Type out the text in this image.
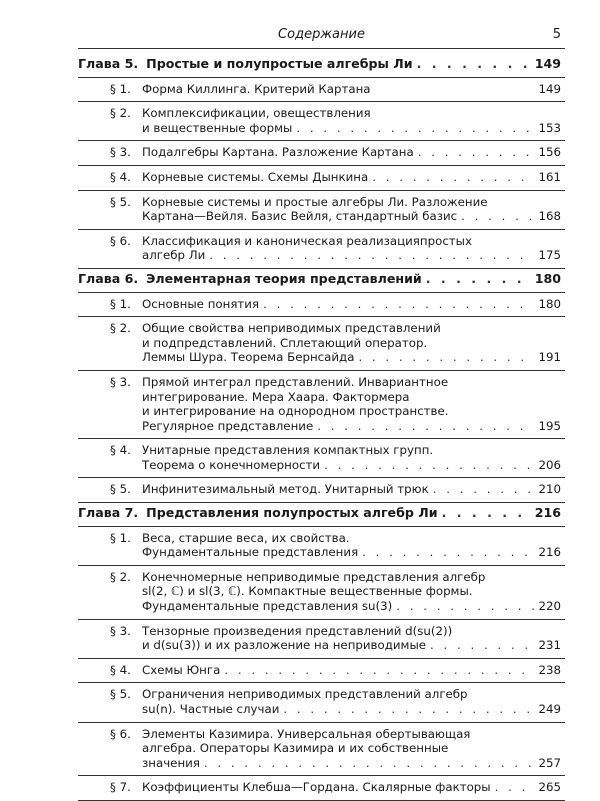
Содержание	5
Глава 5. Простые и полупростые алгебры Ли . . .	149
§ 1. Форма Киллинга. Критерий Картана	149
§ 2. Комплексификации, овеществления
и вещественные формы . . .	153
§ 3. Подалгебры Картана. Разложение Картана . . .	156
§ 4. Корневые системы. Схемы Дынкина . . .	161
§ 5. Корневые системы и простые алгебры Ли. Разложение
Картана—Вейля. Базис Вейля, стандартный базис . . .	168
§ 6. Классификация и каноническая реализацияпростых
алгебр Ли . . .	175
Глава 6. Элементарная теория представлений . . .	180
§ 1. Основные понятия . . .	180
§ 2. Общие свойства неприводимых представлений
и подпредставлений. Сплетающий оператор.
Леммы Шура. Теорема Бернсайда . . .	191
§ 3. Прямой интеграл представлений. Инвариантное
интегрирование. Мера Хаара. Фактормера
и интегрирование на однородном пространстве.
Регулярное представление . . .	195
§ 4. Унитарные представления компактных групп.
Теорема о конечномерности . . .	206
§ 5. Инфинитезимальный метод. Унитарный трюк . . .	210
Глава 7. Представления полупростых алгебр Ли . . .	216
§ 1. Веса, старшие веса, их свойства.
Фундаментальные представления . . .	216
§ 2. Конечномерные неприводимые представления алгебр
sl(2, ℂ) и sl(3, ℂ). Компактные вещественные формы.
Фундаментальные представления su(3) . . .	220
§ 3. Тензорные произведения представлений d(su(2))
и d(su(3)) и их разложение на неприводимые . . .	231
§ 4. Схемы Юнга . . .	238
§ 5. Ограничения неприводимых представлений алгебр
su(n). Частные случаи . . .	249
§ 6. Элементы Казимира. Универсальная обертывающая
алгебра. Операторы Казимира и их собственные
значения . . .	257
§ 7. Коэффициенты Клебша—Гордана. Скалярные факторы . . .	265
